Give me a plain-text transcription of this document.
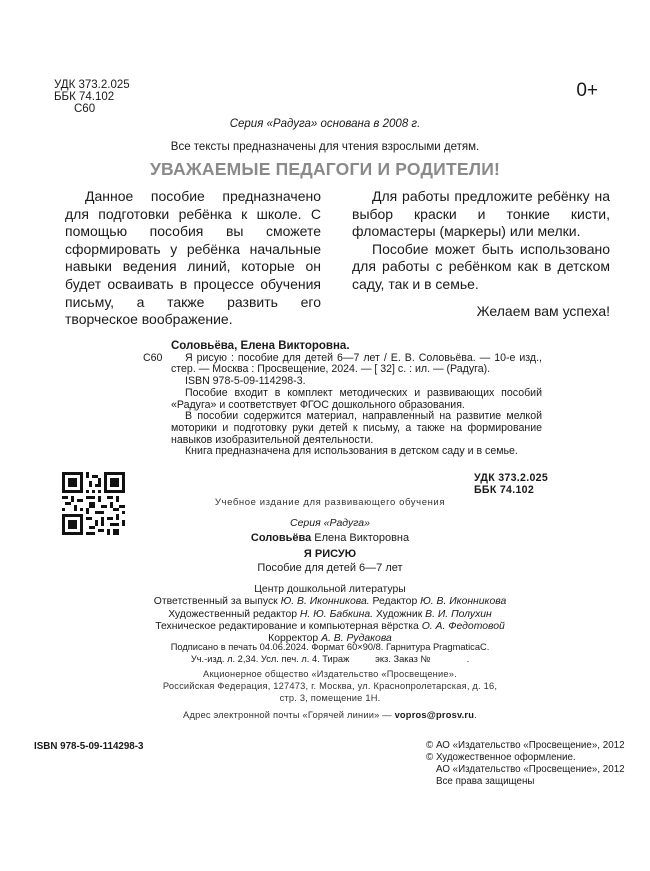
УДК 373.2.025
ББК 74.102
С60
0+
Серия «Радуга» основана в 2008 г.
Все тексты предназначены для чтения взрослыми детям.
УВАЖАЕМЫЕ ПЕДАГОГИ И РОДИТЕЛИ!

Данное пособие предназначено для подготовки ребёнка к школе. С помощью пособия вы сможете сформировать у ребёнка начальные навыки ведения линий, которые он будет осваивать в процессе обучения письму, а также развить его творческое воображение.

Для работы предложите ребёнку на выбор краски и тонкие кисти, фломастеры (маркеры) или мелки.

Пособие может быть использовано для работы с ребёнком как в детском саду, так и в семье.

Желаем вам успеха!

Соловьёва, Елена Викторовна.

С60 Я рисую : пособие для детей 6—7 лет / Е. В. Соловьёва. — 10-е изд., стер. — Москва : Просвещение, 2024. — [ 32] с. : ил. — (Радуга).

ISBN 978-5-09-114298-3.

Пособие входит в комплект методических и развивающих пособий «Радуга» и соответствует ФГОС дошкольного образования.

В пособии содержится материал, направленный на развитие мелкой моторики и подготовку руки детей к письму, а также на формирование навыков изобразительной деятельности.

Книга предназначена для использования в детском саду и в семье.

УДК 373.2.025
ББК 74.102
Учебное издание для развивающего обучения
Серия «Радуга»
Соловьёва Елена Викторовна
Я РИСУЮ
Пособие для детей 6—7 лет
Центр дошкольной литературы
Ответственный за выпуск Ю. В. Иконникова. Редактор Ю. В. Иконникова
Художественный редактор Н. Ю. Бабкина. Художник В. И. Полухин
Техническое редактирование и компьютерная вёрстка О. А. Федотовой
Корректор А. В. Рудакова
Подписано в печать 04.06.2024. Формат 60×90/8. Гарнитура PragmaticaC.
Уч.-изд. л. 2,34. Усл. печ. л. 4. Тираж          экз. Заказ №              .
Акционерное общество «Издательство «Просвещение».
Российская Федерация, 127473, г. Москва, ул. Краснопролетарская, д. 16,
стр. 3, помещение 1Н.
Адрес электронной почты «Горячей линии» — vopros@prosv.ru.
ISBN 978-5-09-114298-3	© АО «Издательство «Просвещение», 2012
© Художественное оформление.
АО «Издательство «Просвещение», 2012
Все права защищены
